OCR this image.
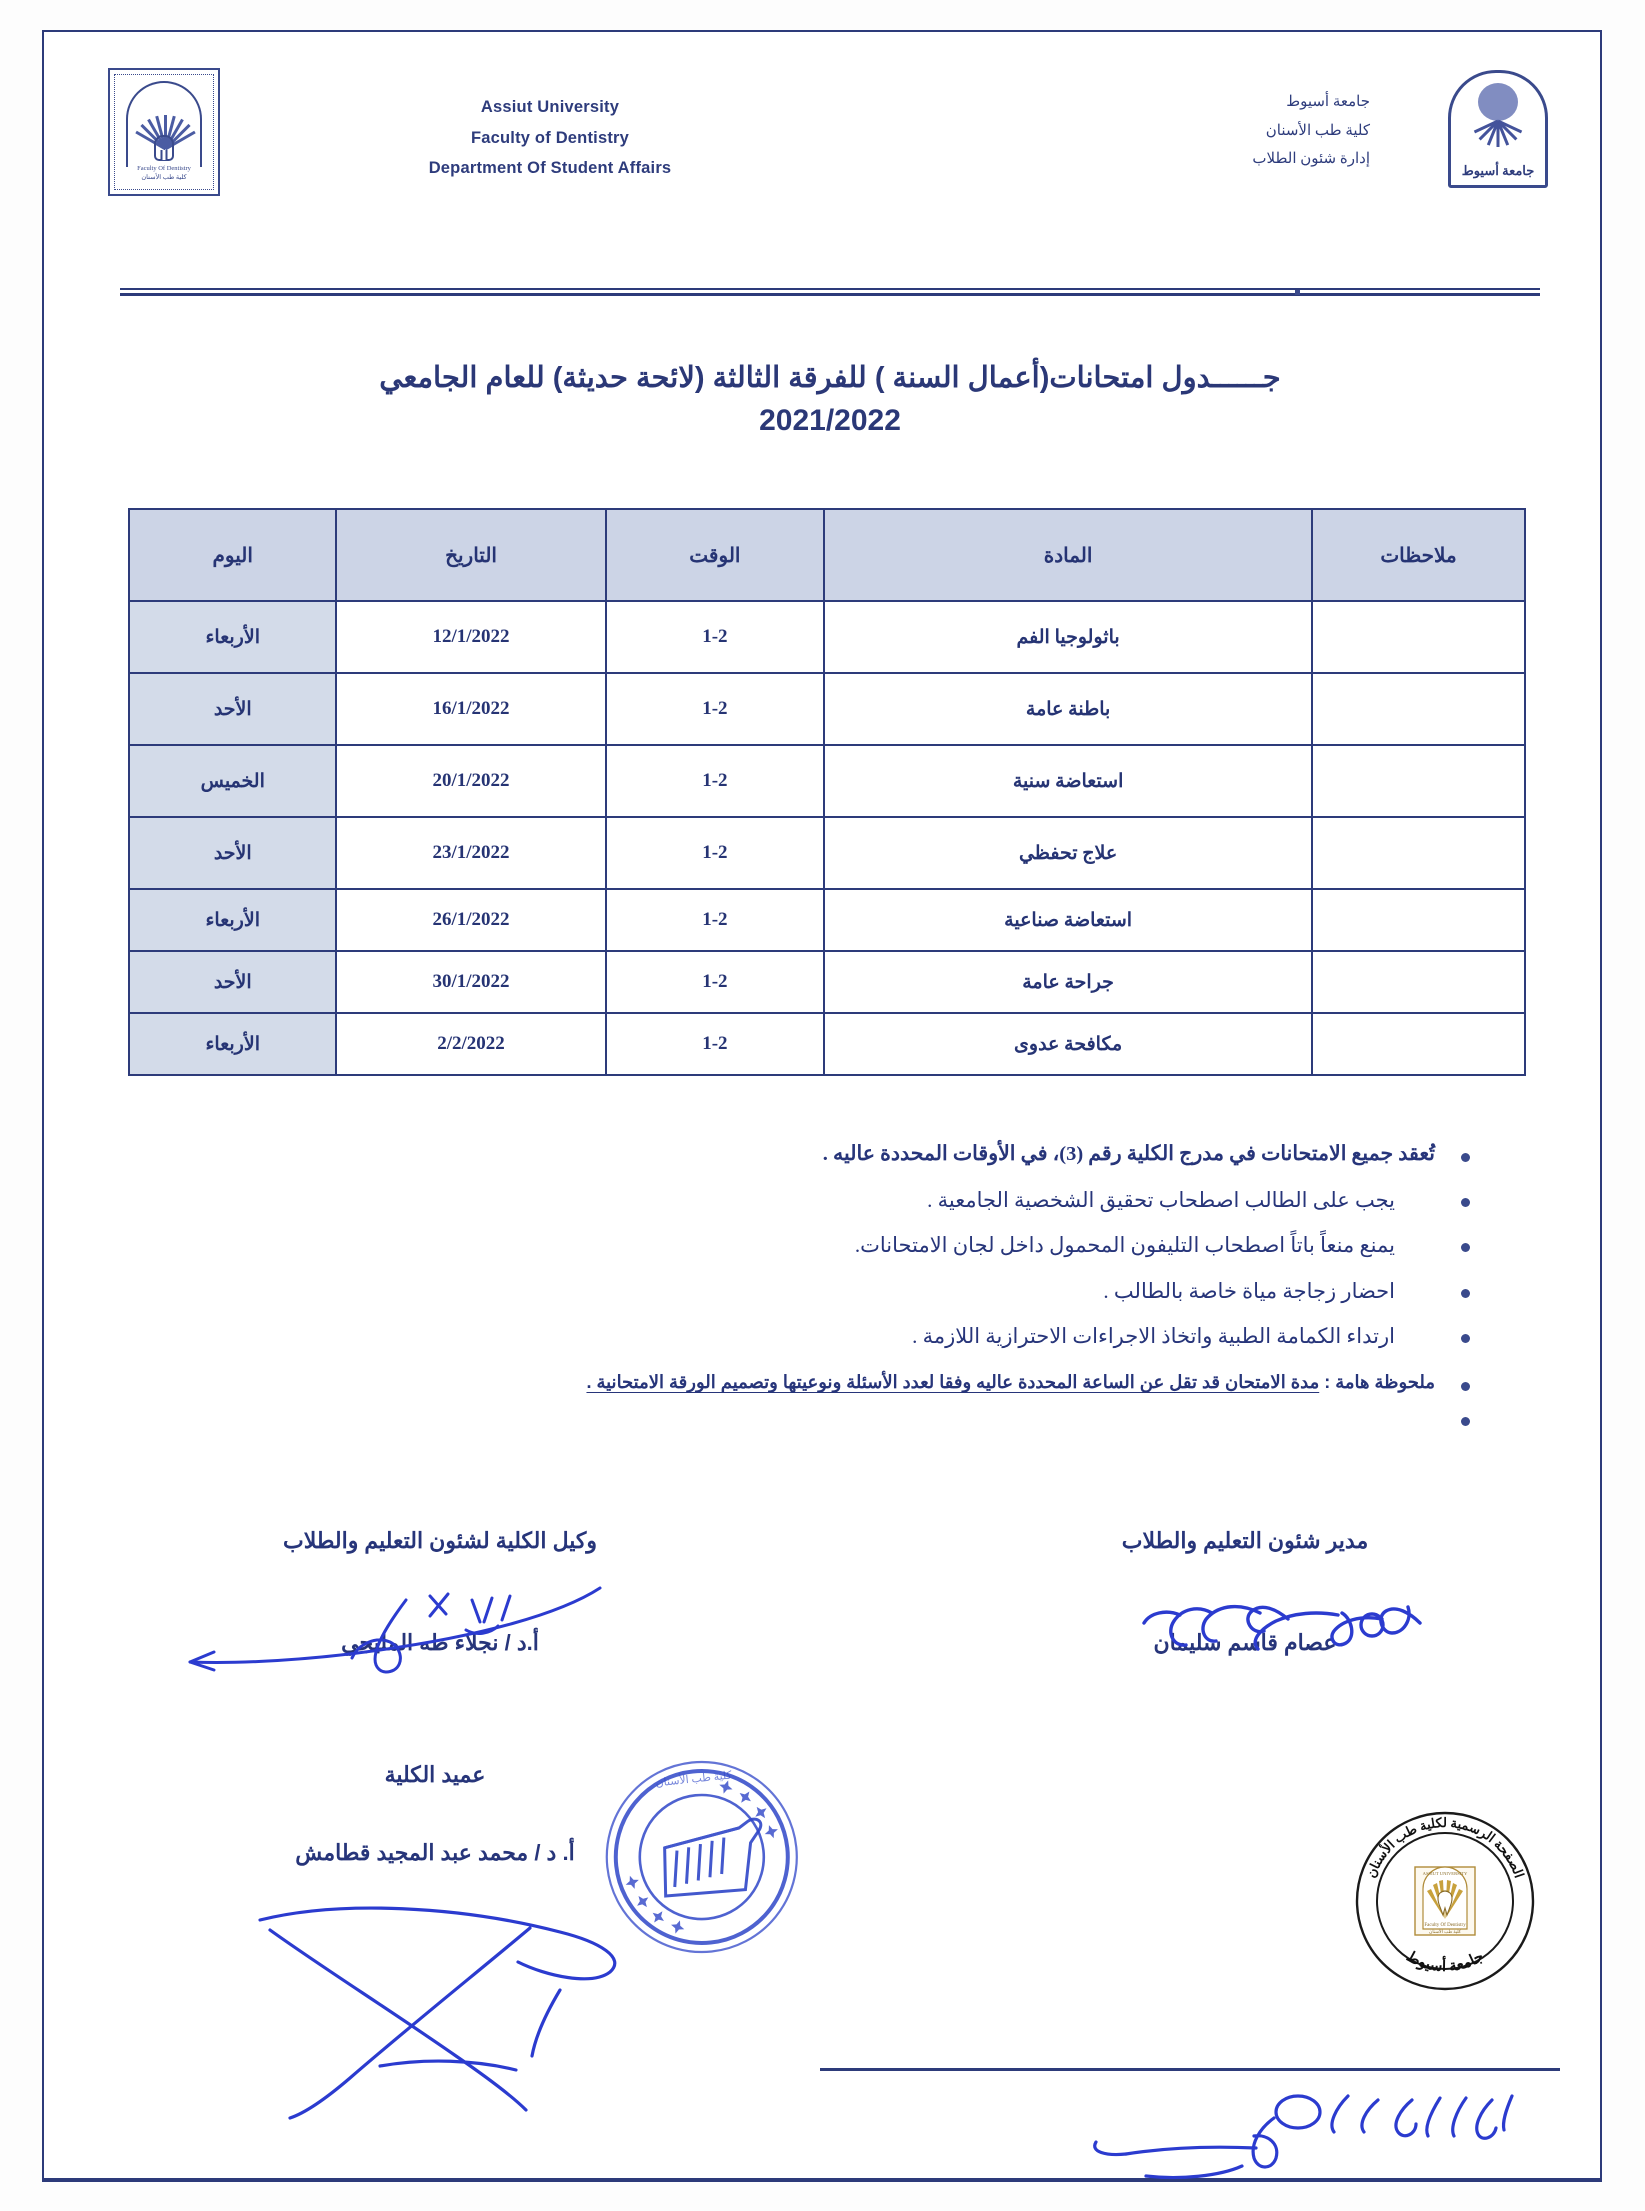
Faculty Of Dentistry
كلية طب الأسنان
Assiut University
Faculty of Dentistry
Department Of Student Affairs
جامعة أسيوط
كلية طب الأسنان
إدارة شئون الطلاب
جامعة أسيوط
جــــــدول امتحانات(أعمال السنة ) للفرقة الثالثة (لائحة حديثة) للعام الجامعي
2021/2022
ملاحظات	المادة	الوقت	التاريخ	اليوم
	باثولوجيا الفم	1-2	12/1/2022	الأربعاء
	باطنة عامة	1-2	16/1/2022	الأحد
	استعاضة سنية	1-2	20/1/2022	الخميس
	علاج تحفظي	1-2	23/1/2022	الأحد
	استعاضة صناعية	1-2	26/1/2022	الأربعاء
	جراحة عامة	1-2	30/1/2022	الأحد
	مكافحة عدوى	1-2	2/2/2022	الأربعاء
تُعقد جميع الامتحانات في مدرج الكلية رقم (3)، في الأوقات المحددة عاليه .
يجب على الطالب اصطحاب تحقيق الشخصية الجامعية .
يمنع منعاً باتاً اصطحاب التليفون المحمول داخل لجان الامتحانات.
احضار زجاجة مياة خاصة بالطالب .
ارتداء الكمامة الطبية واتخاذ الاجراءات الاحترازية اللازمة .
ملحوظة هامة : مدة الامتحان قد تقل عن الساعة المحددة عاليه وفقا لعدد الأسئلة ونوعيتها وتصميم الورقة الامتحانية .
مدير شئون التعليم والطلاب
عصام قاسم سليمان
وكيل الكلية لشئون التعليم والطلاب
أ.د / نجلاء طه المليجي
عميد الكلية
أ. د / محمد عبد المجيد قطامش
كلية طب الأسنان
الصفحة الرسمية لكلية طب الأسنان
جامعة أسيوط
ASSIUT UNIVERSITY
Faculty Of Dentistry
كلية طب الأسنان
